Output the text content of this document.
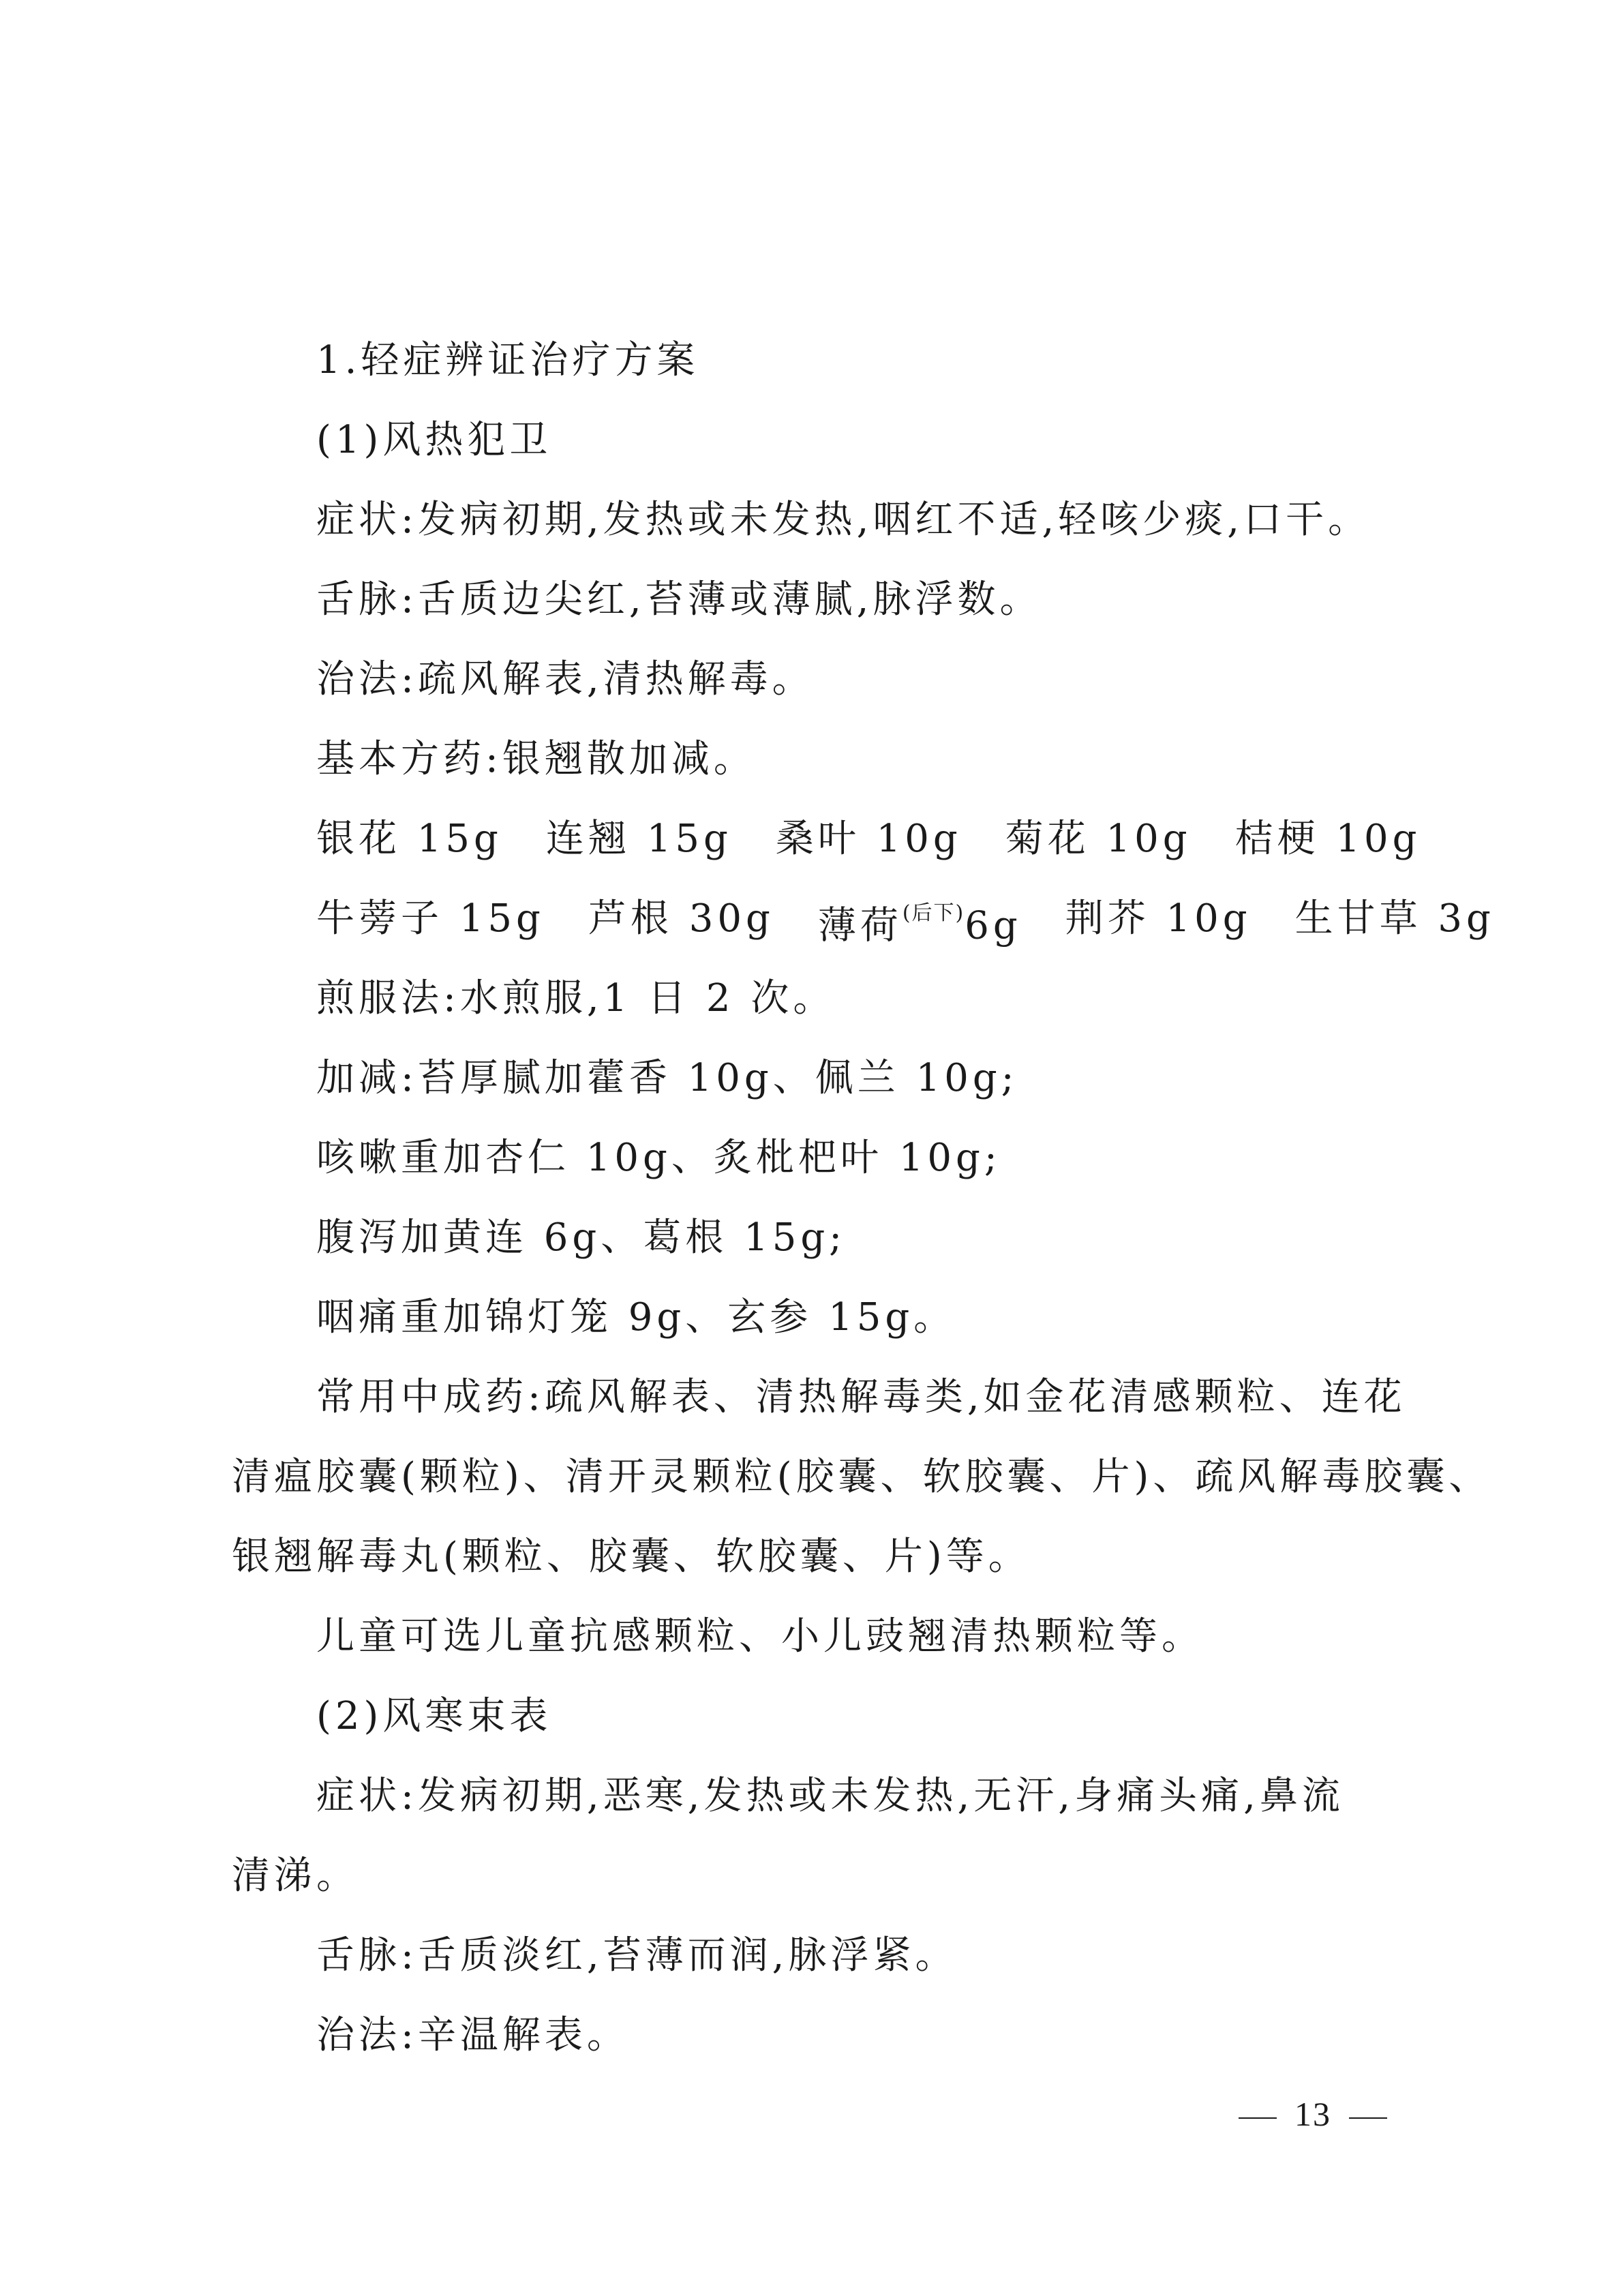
1.轻症辨证治疗方案
(1)风热犯卫
症状:发病初期,发热或未发热,咽红不适,轻咳少痰,口干。
舌脉:舌质边尖红,苔薄或薄腻,脉浮数。
治法:疏风解表,清热解毒。
基本方药:银翘散加减。
银花 15g 连翘 15g 桑叶 10g 菊花 10g 桔梗 10g
牛蒡子 15g 芦根 30g 薄荷$^{(后下)}$6g 荆芥 10g 生甘草 3g
煎服法:水煎服,1 日 2 次。
加减:苔厚腻加藿香 10g、佩兰 10g;
咳嗽重加杏仁 10g、炙枇杷叶 10g;
腹泻加黄连 6g、葛根 15g;
咽痛重加锦灯笼 9g、玄参 15g。
常用中成药:疏风解表、清热解毒类,如金花清感颗粒、连花
清瘟胶囊(颗粒)、清开灵颗粒(胶囊、软胶囊、片)、疏风解毒胶囊、
银翘解毒丸(颗粒、胶囊、软胶囊、片)等。
儿童可选儿童抗感颗粒、小儿豉翘清热颗粒等。
(2)风寒束表
症状:发病初期,恶寒,发热或未发热,无汗,身痛头痛,鼻流
清涕。
舌脉:舌质淡红,苔薄而润,脉浮紧。
治法:辛温解表。
13
